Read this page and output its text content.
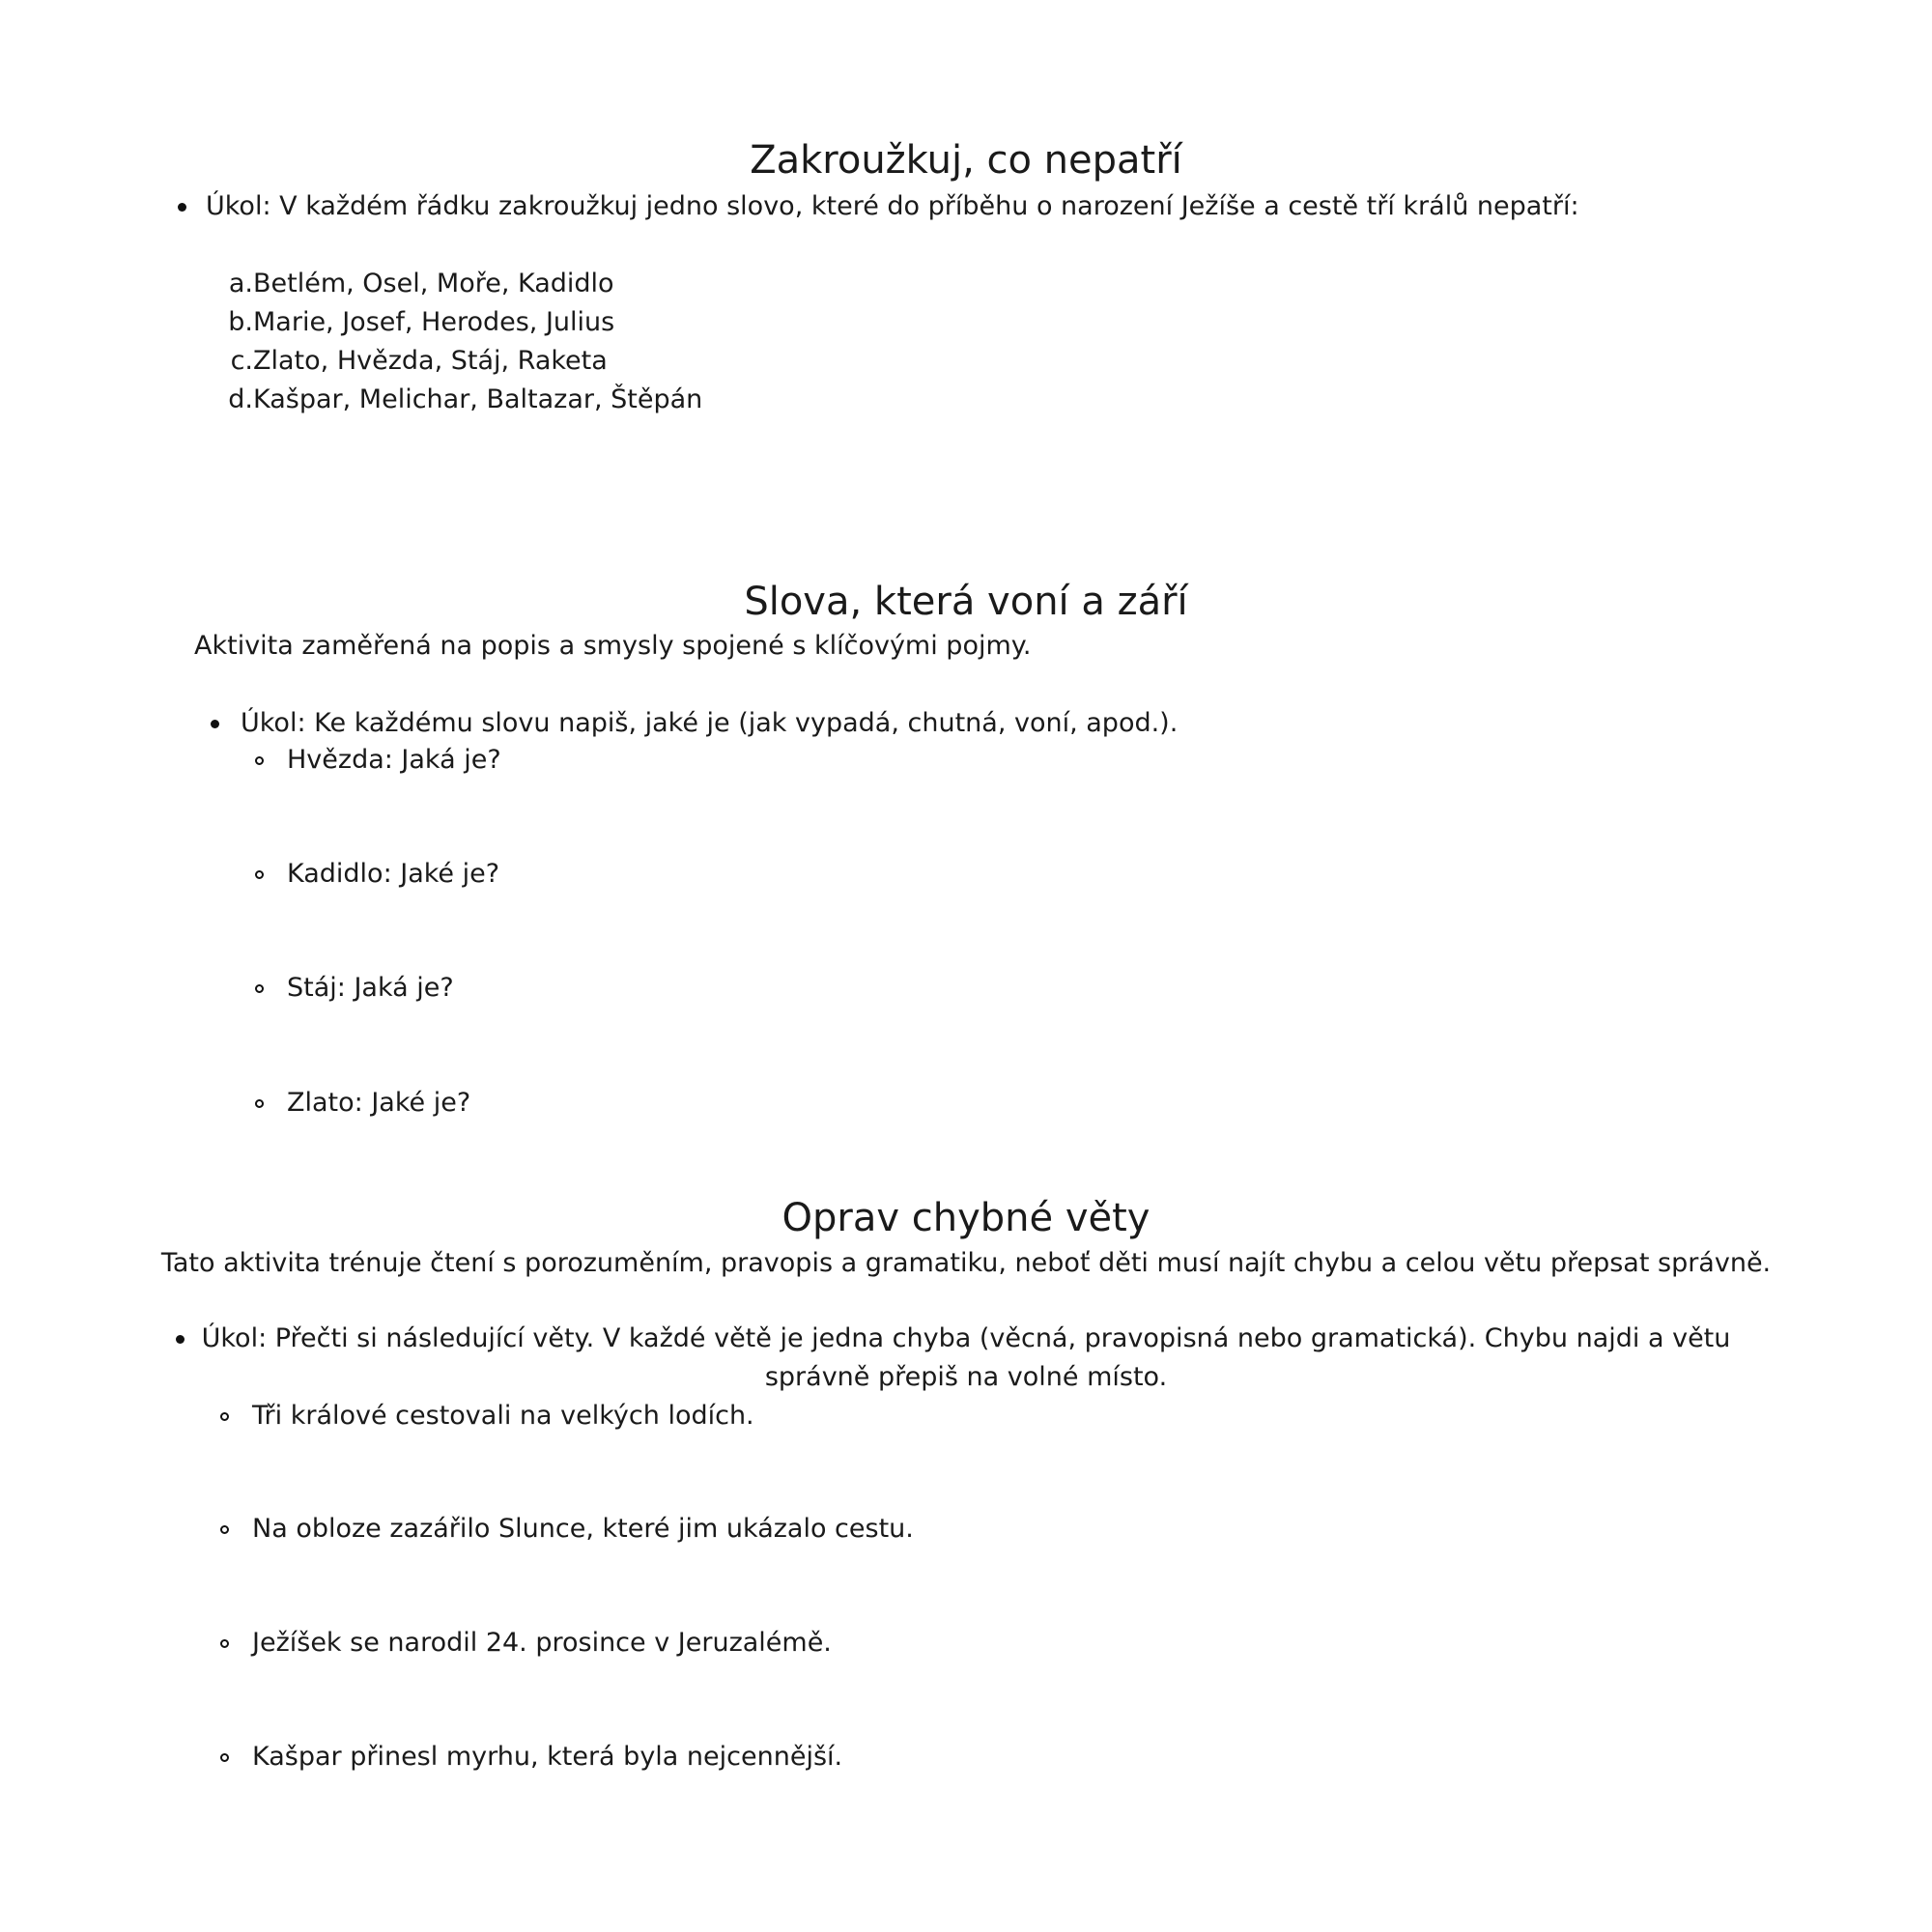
Zakroužkuj, co nepatří
Úkol: V každém řádku zakroužkuj jedno slovo, které do příběhu o narození Ježíše a cestě tří králů nepatří:
a. Betlém, Osel, Moře, Kadidlo
b. Marie, Josef, Herodes, Julius
c. Zlato, Hvězda, Stáj, Raketa
d. Kašpar, Melichar, Baltazar, Štěpán
Slova, která voní a září
Aktivita zaměřená na popis a smysly spojené s klíčovými pojmy.
Úkol: Ke každému slovu napiš, jaké je (jak vypadá, chutná, voní, apod.).
Hvězda: Jaká je?
Kadidlo: Jaké je?
Stáj: Jaká je?
Zlato: Jaké je?
Oprav chybné věty
Tato aktivita trénuje čtení s porozuměním, pravopis a gramatiku, neboť děti musí najít chybu a celou větu přepsat správně.
Úkol: Přečti si následující věty. V každé větě je jedna chyba (věcná, pravopisná nebo gramatická). Chybu najdi a větu
správně přepiš na volné místo.
Tři králové cestovali na velkých lodích.
Na obloze zazářilo Slunce, které jim ukázalo cestu.
Ježíšek se narodil 24. prosince v Jeruzalémě.
Kašpar přinesl myrhu, která byla nejcennější.
